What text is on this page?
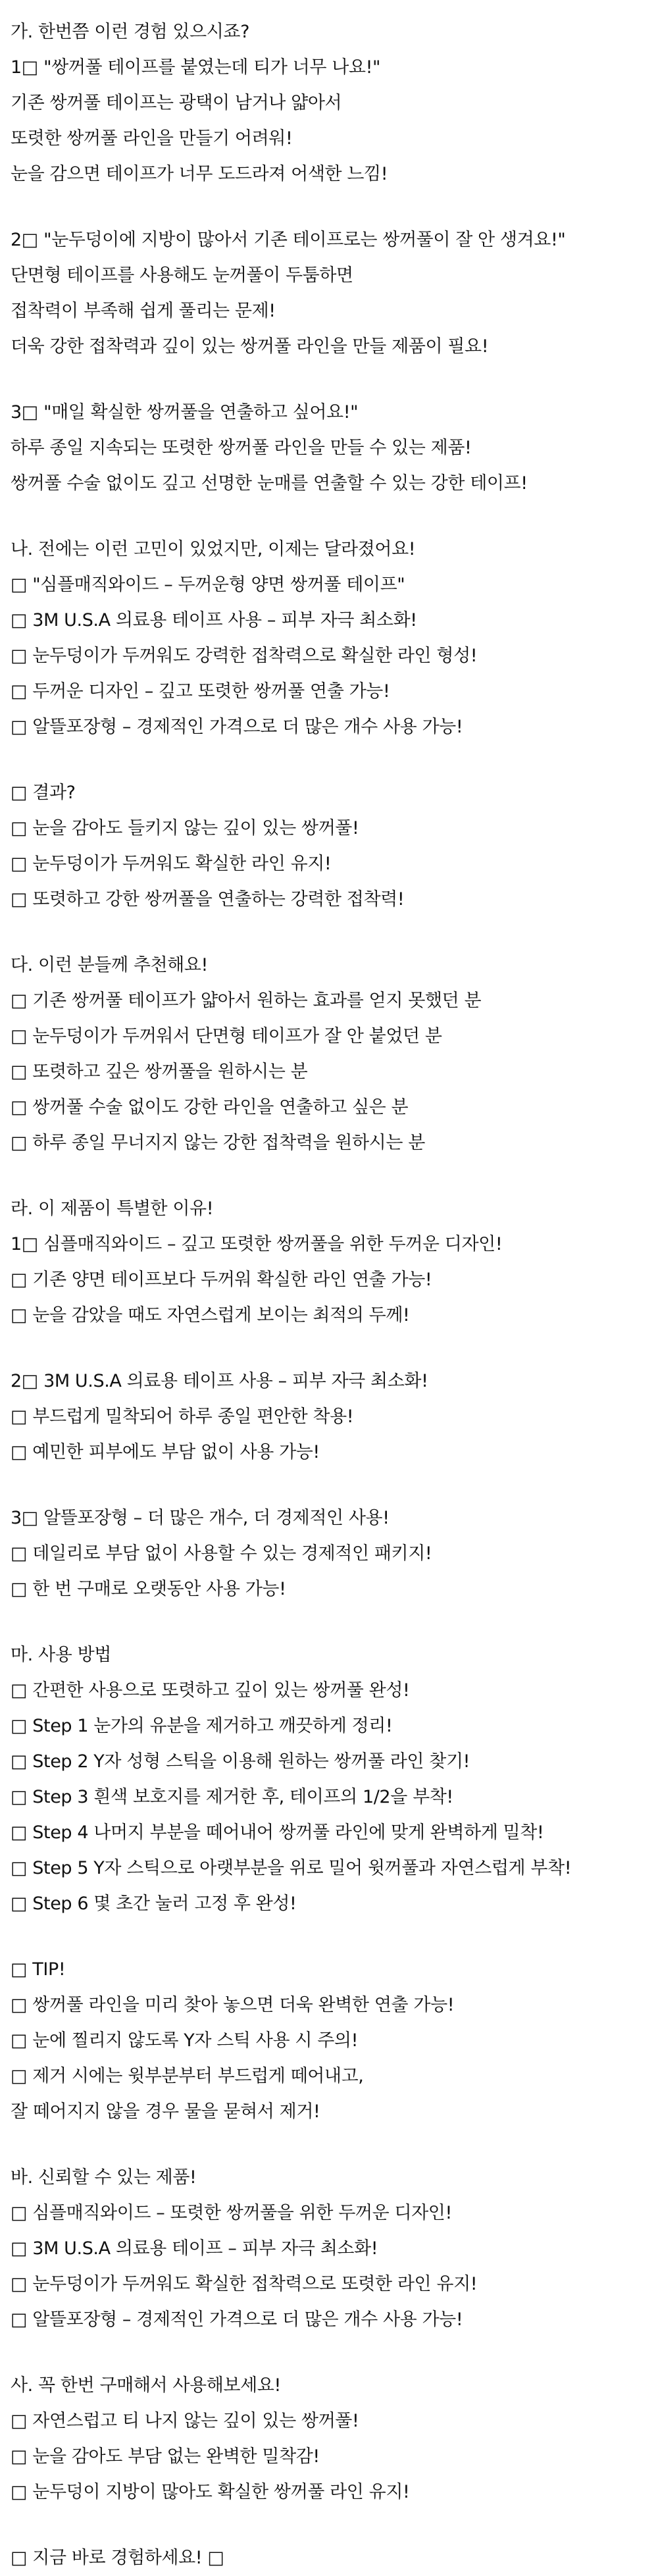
가. 한번쯤 이런 경험 있으시죠?
1□ "쌍꺼풀 테이프를 붙였는데 티가 너무 나요!"
기존 쌍꺼풀 테이프는 광택이 남거나 얇아서
또렷한 쌍꺼풀 라인을 만들기 어려워!
눈을 감으면 테이프가 너무 도드라져 어색한 느낌!
2□ "눈두덩이에 지방이 많아서 기존 테이프로는 쌍꺼풀이 잘 안 생겨요!"
단면형 테이프를 사용해도 눈꺼풀이 두툼하면
접착력이 부족해 쉽게 풀리는 문제!
더욱 강한 접착력과 깊이 있는 쌍꺼풀 라인을 만들 제품이 필요!
3□ "매일 확실한 쌍꺼풀을 연출하고 싶어요!"
하루 종일 지속되는 또렷한 쌍꺼풀 라인을 만들 수 있는 제품!
쌍꺼풀 수술 없이도 깊고 선명한 눈매를 연출할 수 있는 강한 테이프!
나. 전에는 이런 고민이 있었지만, 이제는 달라졌어요!
□ "심플매직와이드 – 두꺼운형 양면 쌍꺼풀 테이프"
□ 3M U.S.A 의료용 테이프 사용 – 피부 자극 최소화!
□ 눈두덩이가 두꺼워도 강력한 접착력으로 확실한 라인 형성!
□ 두꺼운 디자인 – 깊고 또렷한 쌍꺼풀 연출 가능!
□ 알뜰포장형 – 경제적인 가격으로 더 많은 개수 사용 가능!
□ 결과?
□ 눈을 감아도 들키지 않는 깊이 있는 쌍꺼풀!
□ 눈두덩이가 두꺼워도 확실한 라인 유지!
□ 또렷하고 강한 쌍꺼풀을 연출하는 강력한 접착력!
다. 이런 분들께 추천해요!
□ 기존 쌍꺼풀 테이프가 얇아서 원하는 효과를 얻지 못했던 분
□ 눈두덩이가 두꺼워서 단면형 테이프가 잘 안 붙었던 분
□ 또렷하고 깊은 쌍꺼풀을 원하시는 분
□ 쌍꺼풀 수술 없이도 강한 라인을 연출하고 싶은 분
□ 하루 종일 무너지지 않는 강한 접착력을 원하시는 분
라. 이 제품이 특별한 이유!
1□ 심플매직와이드 – 깊고 또렷한 쌍꺼풀을 위한 두꺼운 디자인!
□ 기존 양면 테이프보다 두꺼워 확실한 라인 연출 가능!
□ 눈을 감았을 때도 자연스럽게 보이는 최적의 두께!
2□ 3M U.S.A 의료용 테이프 사용 – 피부 자극 최소화!
□ 부드럽게 밀착되어 하루 종일 편안한 착용!
□ 예민한 피부에도 부담 없이 사용 가능!
3□ 알뜰포장형 – 더 많은 개수, 더 경제적인 사용!
□ 데일리로 부담 없이 사용할 수 있는 경제적인 패키지!
□ 한 번 구매로 오랫동안 사용 가능!
마. 사용 방법
□ 간편한 사용으로 또렷하고 깊이 있는 쌍꺼풀 완성!
□ Step 1 눈가의 유분을 제거하고 깨끗하게 정리!
□ Step 2 Y자 성형 스틱을 이용해 원하는 쌍꺼풀 라인 찾기!
□ Step 3 흰색 보호지를 제거한 후, 테이프의 1/2을 부착!
□ Step 4 나머지 부분을 떼어내어 쌍꺼풀 라인에 맞게 완벽하게 밀착!
□ Step 5 Y자 스틱으로 아랫부분을 위로 밀어 윗꺼풀과 자연스럽게 부착!
□ Step 6 몇 초간 눌러 고정 후 완성!
□ TIP!
□ 쌍꺼풀 라인을 미리 찾아 놓으면 더욱 완벽한 연출 가능!
□ 눈에 찔리지 않도록 Y자 스틱 사용 시 주의!
□ 제거 시에는 윗부분부터 부드럽게 떼어내고,
잘 떼어지지 않을 경우 물을 묻혀서 제거!
바. 신뢰할 수 있는 제품!
□ 심플매직와이드 – 또렷한 쌍꺼풀을 위한 두꺼운 디자인!
□ 3M U.S.A 의료용 테이프 – 피부 자극 최소화!
□ 눈두덩이가 두꺼워도 확실한 접착력으로 또렷한 라인 유지!
□ 알뜰포장형 – 경제적인 가격으로 더 많은 개수 사용 가능!
사. 꼭 한번 구매해서 사용해보세요!
□ 자연스럽고 티 나지 않는 깊이 있는 쌍꺼풀!
□ 눈을 감아도 부담 없는 완벽한 밀착감!
□ 눈두덩이 지방이 많아도 확실한 쌍꺼풀 라인 유지!
□ 지금 바로 경험하세요! □
